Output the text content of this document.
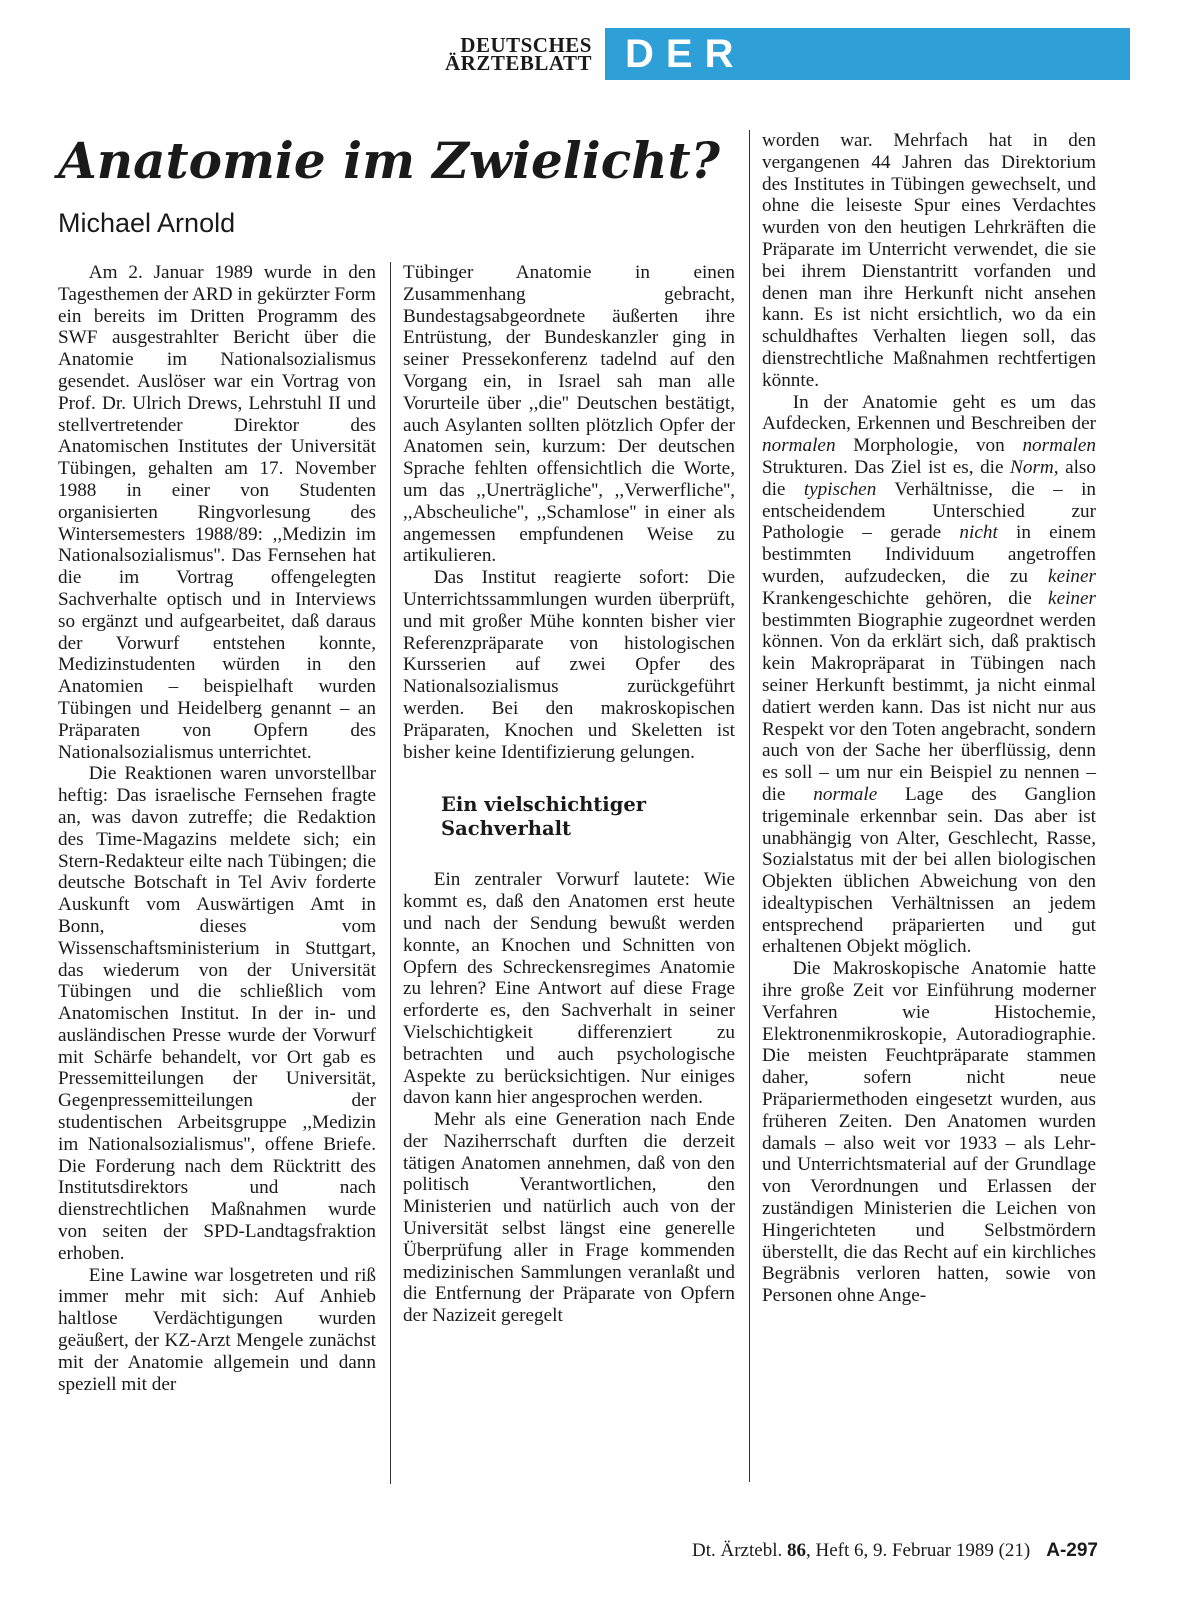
DEUTSCHES
ÄRZTEBLATT DER KOMMENTAR
Anatomie im Zwielicht?
Michael Arnold

Am 2. Januar 1989 wurde in den Tagesthemen der ARD in gekürzter Form ein bereits im Dritten Programm des SWF ausgestrahlter Bericht über die Anatomie im Nationalsozialismus gesendet. Auslöser war ein Vortrag von Prof. Dr. Ulrich Drews, Lehrstuhl II und stellvertretender Direktor des Anatomischen Institutes der Universität Tübingen, gehalten am 17. November 1988 in einer von Studenten organisierten Ringvorlesung des Wintersemesters 1988/89: ,,Medizin im Nationalsozialismus''. Das Fernsehen hat die im Vortrag offengelegten Sachverhalte optisch und in Interviews so ergänzt und aufgearbeitet, daß daraus der Vorwurf entstehen konnte, Medizinstudenten würden in den Anatomien – beispielhaft wurden Tübingen und Heidelberg genannt – an Präparaten von Opfern des Nationalsozialismus unterrichtet.

Die Reaktionen waren unvorstellbar heftig: Das israelische Fernsehen fragte an, was davon zutreffe; die Redaktion des Time-Magazins meldete sich; ein Stern-Redakteur eilte nach Tübingen; die deutsche Botschaft in Tel Aviv forderte Auskunft vom Auswärtigen Amt in Bonn, dieses vom Wissenschaftsministerium in Stuttgart, das wiederum von der Universität Tübingen und die schließlich vom Anatomischen Institut. In der in- und ausländischen Presse wurde der Vorwurf mit Schärfe behandelt, vor Ort gab es Pressemitteilungen der Universität, Gegenpressemitteilungen der studentischen Arbeitsgruppe ,,Medizin im Nationalsozialismus'', offene Briefe. Die Forderung nach dem Rücktritt des Institutsdirektors und nach dienstrechtlichen Maßnahmen wurde von seiten der SPD-Landtagsfraktion erhoben.

Eine Lawine war losgetreten und riß immer mehr mit sich: Auf Anhieb haltlose Verdächtigungen wurden geäußert, der KZ-Arzt Mengele zunächst mit der Anatomie allgemein und dann speziell mit der

Tübinger Anatomie in einen Zusammenhang gebracht, Bundestagsabgeordnete äußerten ihre Entrüstung, der Bundeskanzler ging in seiner Pressekonferenz tadelnd auf den Vorgang ein, in Israel sah man alle Vorurteile über ,,die'' Deutschen bestätigt, auch Asylanten sollten plötzlich Opfer der Anatomen sein, kurzum: Der deutschen Sprache fehlten offensichtlich die Worte, um das ,,Unerträgliche'', ,,Verwerfliche'', ,,Abscheuliche'', ,,Schamlose'' in einer als angemessen empfundenen Weise zu artikulieren.

Das Institut reagierte sofort: Die Unterrichtssammlungen wurden überprüft, und mit großer Mühe konnten bisher vier Referenzpräparate von histologischen Kursserien auf zwei Opfer des Nationalsozialismus zurückgeführt werden. Bei den makroskopischen Präparaten, Knochen und Skeletten ist bisher keine Identifizierung gelungen.

Ein vielschichtiger Sachverhalt

Ein zentraler Vorwurf lautete: Wie kommt es, daß den Anatomen erst heute und nach der Sendung bewußt werden konnte, an Knochen und Schnitten von Opfern des Schreckensregimes Anatomie zu lehren? Eine Antwort auf diese Frage erforderte es, den Sachverhalt in seiner Vielschichtigkeit differenziert zu betrachten und auch psychologische Aspekte zu berücksichtigen. Nur einiges davon kann hier angesprochen werden.

Mehr als eine Generation nach Ende der Naziherrschaft durften die derzeit tätigen Anatomen annehmen, daß von den politisch Verantwortlichen, den Ministerien und natürlich auch von der Universität selbst längst eine generelle Überprüfung aller in Frage kommenden medizinischen Sammlungen veranlaßt und die Entfernung der Präparate von Opfern der Nazizeit geregelt

worden war. Mehrfach hat in den vergangenen 44 Jahren das Direktorium des Institutes in Tübingen gewechselt, und ohne die leiseste Spur eines Verdachtes wurden von den heutigen Lehrkräften die Präparate im Unterricht verwendet, die sie bei ihrem Dienstantritt vorfanden und denen man ihre Herkunft nicht ansehen kann. Es ist nicht ersichtlich, wo da ein schuldhaftes Verhalten liegen soll, das dienstrechtliche Maßnahmen rechtfertigen könnte.

In der Anatomie geht es um das Aufdecken, Erkennen und Beschreiben der normalen Morphologie, von normalen Strukturen. Das Ziel ist es, die Norm, also die typischen Verhältnisse, die – in entscheidendem Unterschied zur Pathologie – gerade nicht in einem bestimmten Individuum angetroffen wurden, aufzudecken, die zu keiner Krankengeschichte gehören, die keiner bestimmten Biographie zugeordnet werden können. Von da erklärt sich, daß praktisch kein Makropräparat in Tübingen nach seiner Herkunft bestimmt, ja nicht einmal datiert werden kann. Das ist nicht nur aus Respekt vor den Toten angebracht, sondern auch von der Sache her überflüssig, denn es soll – um nur ein Beispiel zu nennen – die normale Lage des Ganglion trigeminale erkennbar sein. Das aber ist unabhängig von Alter, Geschlecht, Rasse, Sozialstatus mit der bei allen biologischen Objekten üblichen Abweichung von den idealtypischen Verhältnissen an jedem entsprechend präparierten und gut erhaltenen Objekt möglich.

Die Makroskopische Anatomie hatte ihre große Zeit vor Einführung moderner Verfahren wie Histochemie, Elektronenmikroskopie, Autoradiographie. Die meisten Feuchtpräparate stammen daher, sofern nicht neue Präpariermethoden eingesetzt wurden, aus früheren Zeiten. Den Anatomen wurden damals – also weit vor 1933 – als Lehr- und Unterrichtsmaterial auf der Grundlage von Verordnungen und Erlassen der zuständigen Ministerien die Leichen von Hingerichteten und Selbstmördern überstellt, die das Recht auf ein kirchliches Begräbnis verloren hatten, sowie von Personen ohne Ange-

Dt. Ärztebl. 86, Heft 6, 9. Februar 1989 (21) A-297
